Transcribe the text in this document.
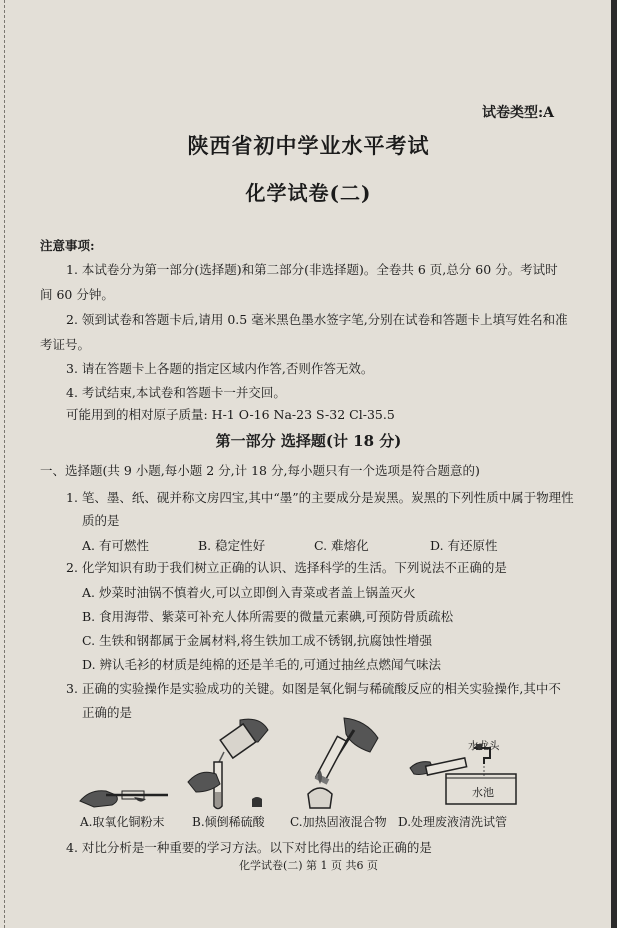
试卷类型:A
陕西省初中学业水平考试
化学试卷(二)
注意事项:
1. 本试卷分为第一部分(选择题)和第二部分(非选择题)。全卷共 6 页,总分 60 分。考试时
间 60 分钟。
2. 领到试卷和答题卡后,请用 0.5 毫米黑色墨水签字笔,分别在试卷和答题卡上填写姓名和准
考证号。
3. 请在答题卡上各题的指定区域内作答,否则作答无效。
4. 考试结束,本试卷和答题卡一并交回。
可能用到的相对原子质量: H-1 O-16 Na-23 S-32 Cl-35.5
第一部分 选择题(计 18 分)
一、选择题(共 9 小题,每小题 2 分,计 18 分,每小题只有一个选项是符合题意的)
1. 笔、墨、纸、砚并称文房四宝,其中“墨”的主要成分是炭黑。炭黑的下列性质中属于物理性
质的是
A. 有可燃性	B. 稳定性好	C. 难熔化	D. 有还原性
2. 化学知识有助于我们树立正确的认识、选择科学的生活。下列说法不正确的是
A. 炒菜时油锅不慎着火,可以立即倒入青菜或者盖上锅盖灭火
B. 食用海带、紫菜可补充人体所需要的微量元素碘,可预防骨质疏松
C. 生铁和钢都属于金属材料,将生铁加工成不锈钢,抗腐蚀性增强
D. 辨认毛衫的材质是纯棉的还是羊毛的,可通过抽丝点燃闻气味法
3. 正确的实验操作是实验成功的关键。如图是氧化铜与稀硫酸反应的相关实验操作,其中不
正确的是
A.取氧化铜粉末 B.倾倒稀硫酸 C.加热固液混合物
水龙头
水池
D.处理废液清洗试管
4. 对比分析是一种重要的学习方法。以下对比得出的结论正确的是
化学试卷(二) 第 1 页 共6 页
